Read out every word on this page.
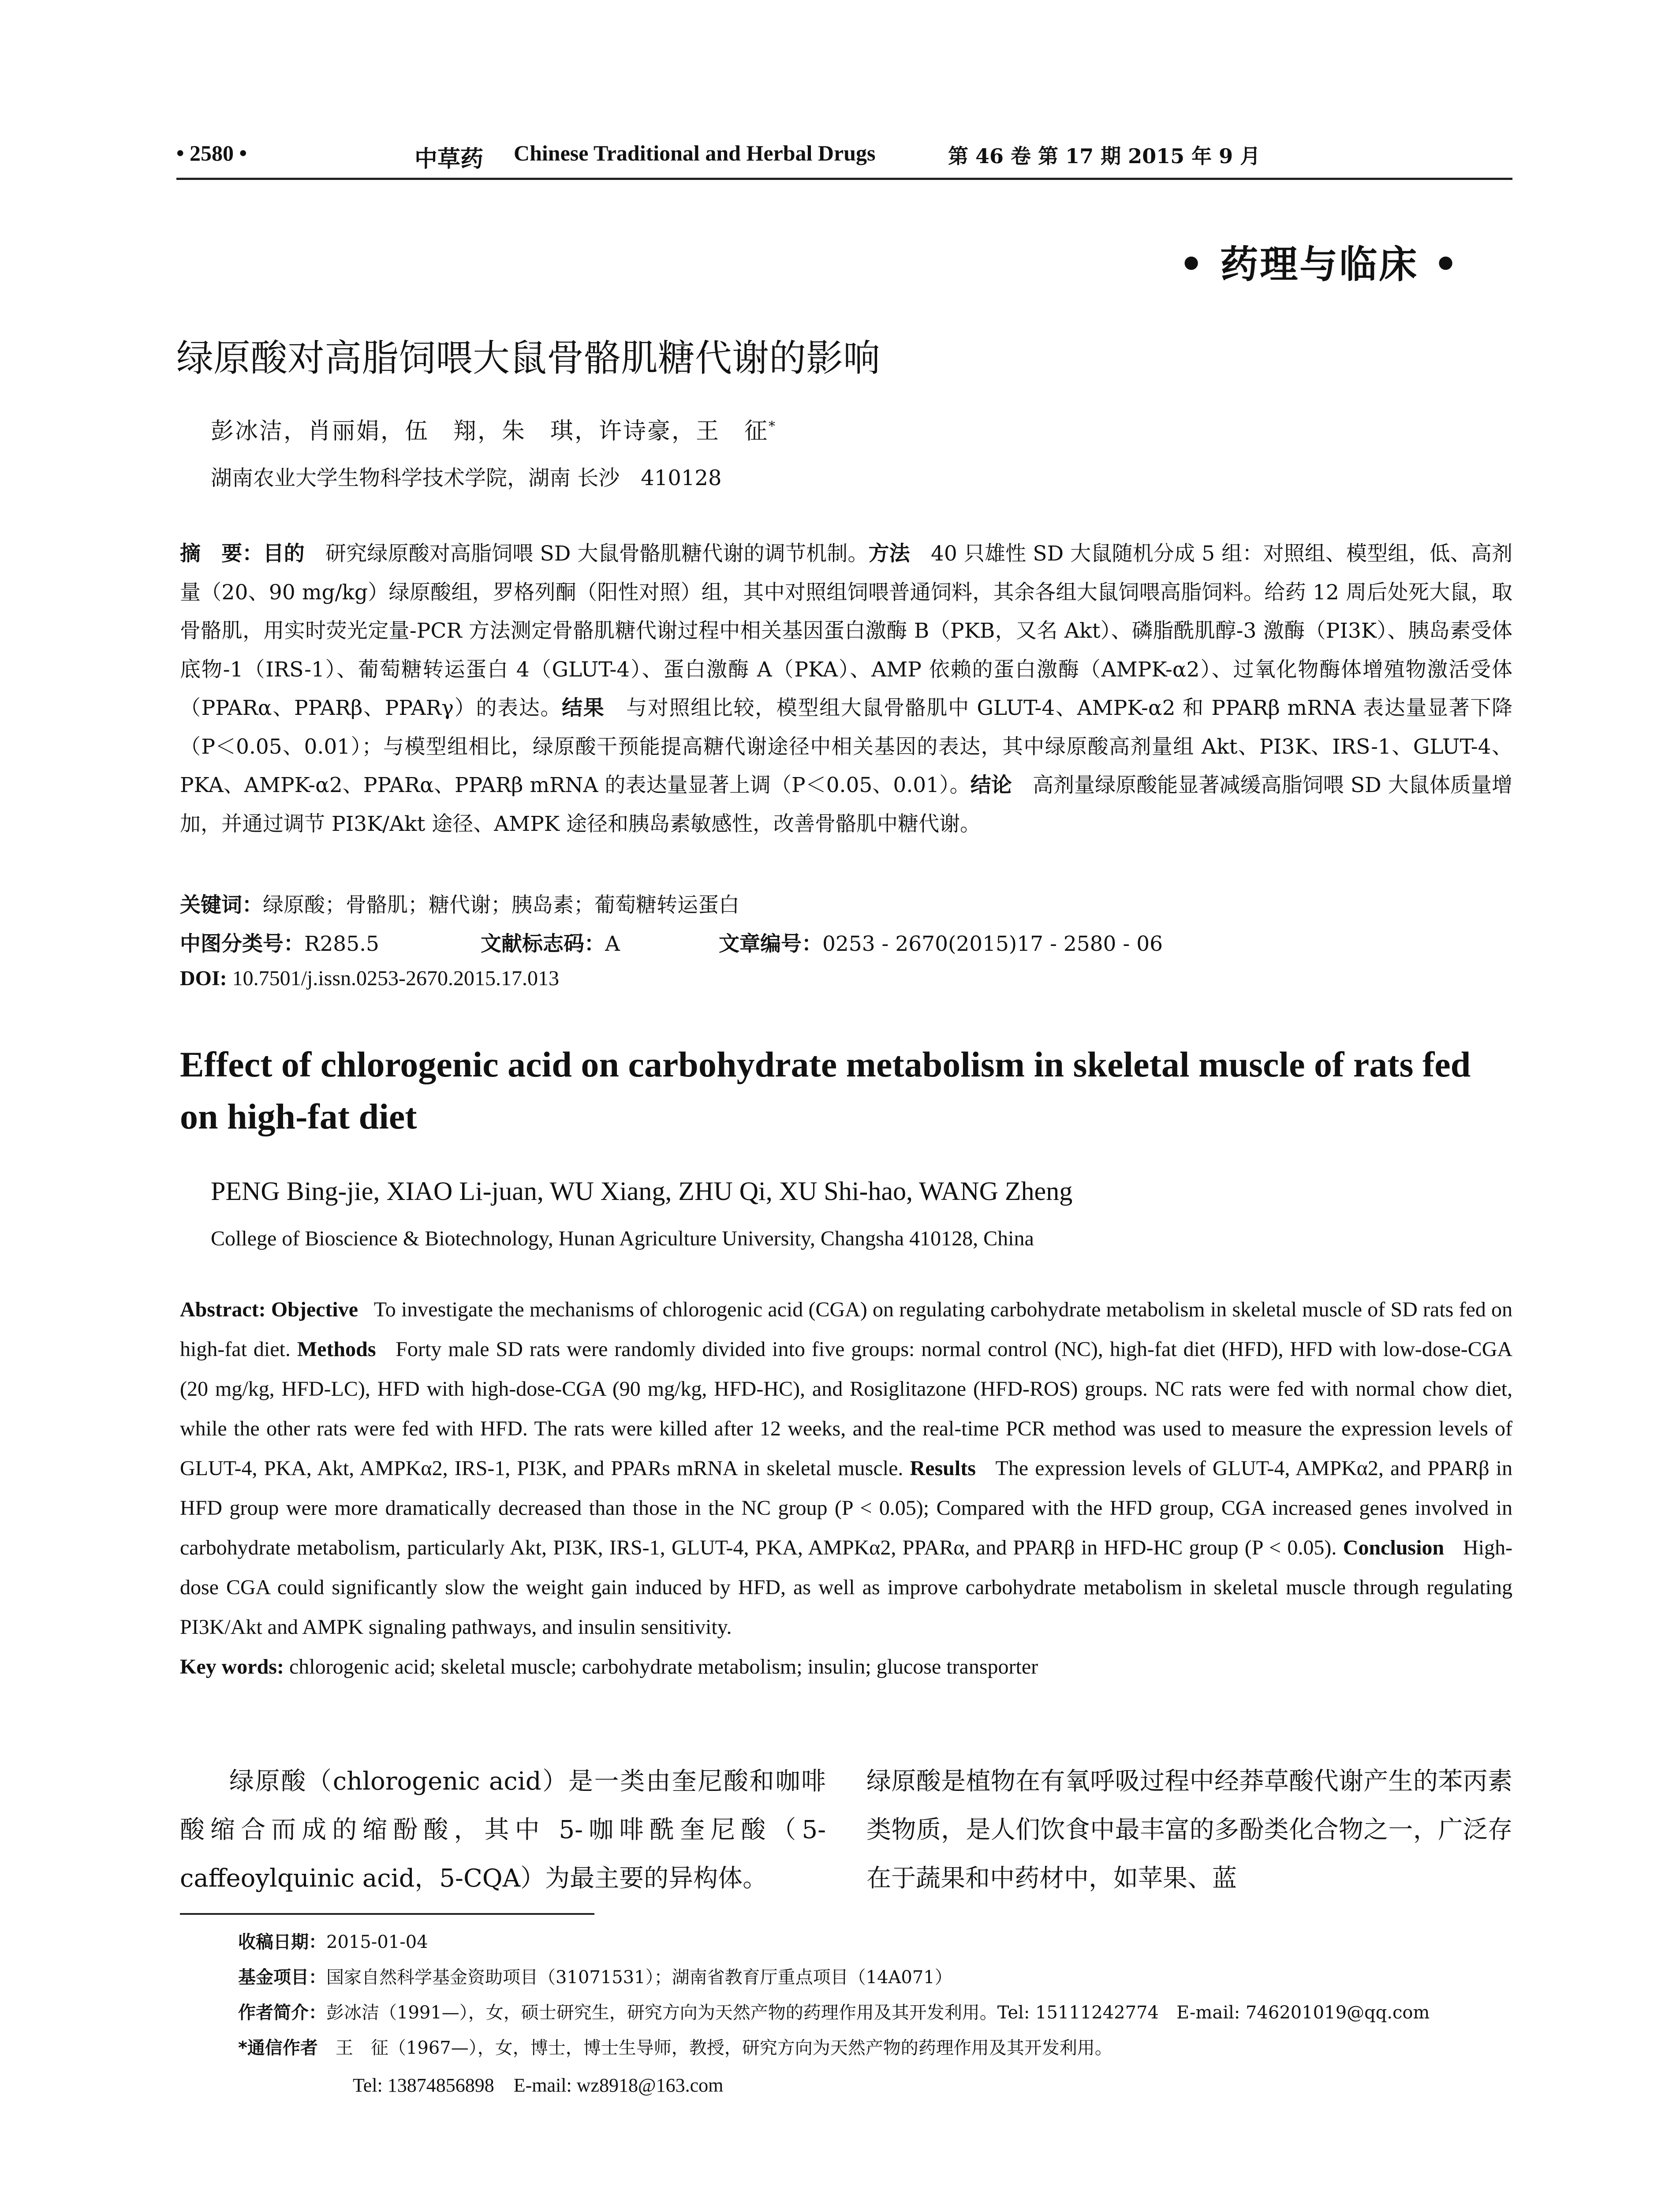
• 2580 •	中草药 Chinese Traditional and Herbal Drugs	第 46 卷 第 17 期 2015 年 9 月
• 药理与临床 •
绿原酸对高脂饲喂大鼠骨骼肌糖代谢的影响
彭冰洁，肖丽娟，伍　翔，朱　琪，许诗豪，王　征*
湖南农业大学生物科学技术学院，湖南 长沙　410128
摘　要：目的　 研究绿原酸对高脂饲喂 SD 大鼠骨骼肌糖代谢的调节机制。方法　 40 只雄性 SD 大鼠随机分成 5 组：对照组、模型组，低、高剂量（20、90 mg/kg）绿原酸组，罗格列酮（阳性对照）组，其中对照组饲喂普通饲料，其余各组大鼠饲喂高脂饲料。给药 12 周后处死大鼠，取骨骼肌，用实时荧光定量-PCR 方法测定骨骼肌糖代谢过程中相关基因蛋白激酶 B（PKB，又名 Akt）、磷脂酰肌醇-3 激酶（PI3K）、胰岛素受体底物-1（IRS-1）、葡萄糖转运蛋白 4（GLUT-4）、蛋白激酶 A（PKA）、AMP 依赖的蛋白激酶（AMPK-α2）、过氧化物酶体增殖物激活受体（PPARα、PPARβ、PPARγ）的表达。结果　 与对照组比较，模型组大鼠骨骼肌中 GLUT-4、AMPK-α2 和 PPARβ mRNA 表达量显著下降（P＜0.05、0.01）；与模型组相比，绿原酸干预能提高糖代谢途径中相关基因的表达，其中绿原酸高剂量组 Akt、PI3K、IRS-1、GLUT-4、PKA、AMPK-α2、PPARα、PPARβ mRNA 的表达量显著上调（P＜0.05、0.01）。结论　 高剂量绿原酸能显著减缓高脂饲喂 SD 大鼠体质量增加，并通过调节 PI3K/Akt 途径、AMPK 途径和胰岛素敏感性，改善骨骼肌中糖代谢。
关键词：绿原酸；骨骼肌；糖代谢；胰岛素；葡萄糖转运蛋白
中图分类号：R285.5	文献标志码：A	文章编号：0253 - 2670(2015)17 - 2580 - 06
DOI: 10.7501/j.issn.0253-2670.2015.17.013
Effect of chlorogenic acid on carbohydrate metabolism in skeletal muscle of rats fed on high-fat diet
PENG Bing-jie, XIAO Li-juan, WU Xiang, ZHU Qi, XU Shi-hao, WANG Zheng
College of Bioscience & Biotechnology, Hunan Agriculture University, Changsha 410128, China
Abstract: Objective To investigate the mechanisms of chlorogenic acid (CGA) on regulating carbohydrate metabolism in skeletal muscle of SD rats fed on high-fat diet. Methods Forty male SD rats were randomly divided into five groups: normal control (NC), high-fat diet (HFD), HFD with low-dose-CGA (20 mg/kg, HFD-LC), HFD with high-dose-CGA (90 mg/kg, HFD-HC), and Rosiglitazone (HFD-ROS) groups. NC rats were fed with normal chow diet, while the other rats were fed with HFD. The rats were killed after 12 weeks, and the real-time PCR method was used to measure the expression levels of GLUT-4, PKA, Akt, AMPKα2, IRS-1, PI3K, and PPARs mRNA in skeletal muscle. Results The expression levels of GLUT-4, AMPKα2, and PPARβ in HFD group were more dramatically decreased than those in the NC group (P < 0.05); Compared with the HFD group, CGA increased genes involved in carbohydrate metabolism, particularly Akt, PI3K, IRS-1, GLUT-4, PKA, AMPKα2, PPARα, and PPARβ in HFD-HC group (P < 0.05). Conclusion High-dose CGA could significantly slow the weight gain induced by HFD, as well as improve carbohydrate metabolism in skeletal muscle through regulating PI3K/Akt and AMPK signaling pathways, and insulin sensitivity.
Key words: chlorogenic acid; skeletal muscle; carbohydrate metabolism; insulin; glucose transporter
绿原酸（chlorogenic acid）是一类由奎尼酸和咖啡酸缩合而成的缩酚酸，其中 5-咖啡酰奎尼酸（5-caffeoylquinic acid，5-CQA）为最主要的异构体。
绿原酸是植物在有氧呼吸过程中经莽草酸代谢产生的苯丙素类物质，是人们饮食中最丰富的多酚类化合物之一，广泛存在于蔬果和中药材中，如苹果、蓝
收稿日期：2015-01-04
基金项目：国家自然科学基金资助项目（31071531）；湖南省教育厅重点项目（14A071）
作者简介：彭冰洁（1991—），女，硕士研究生，研究方向为天然产物的药理作用及其开发利用。Tel: 15111242774　E-mail: 746201019@qq.com
*通信作者　 王　征（1967—），女，博士，博士生导师，教授，研究方向为天然产物的药理作用及其开发利用。
Tel: 13874856898　E-mail: wz8918@163.com
